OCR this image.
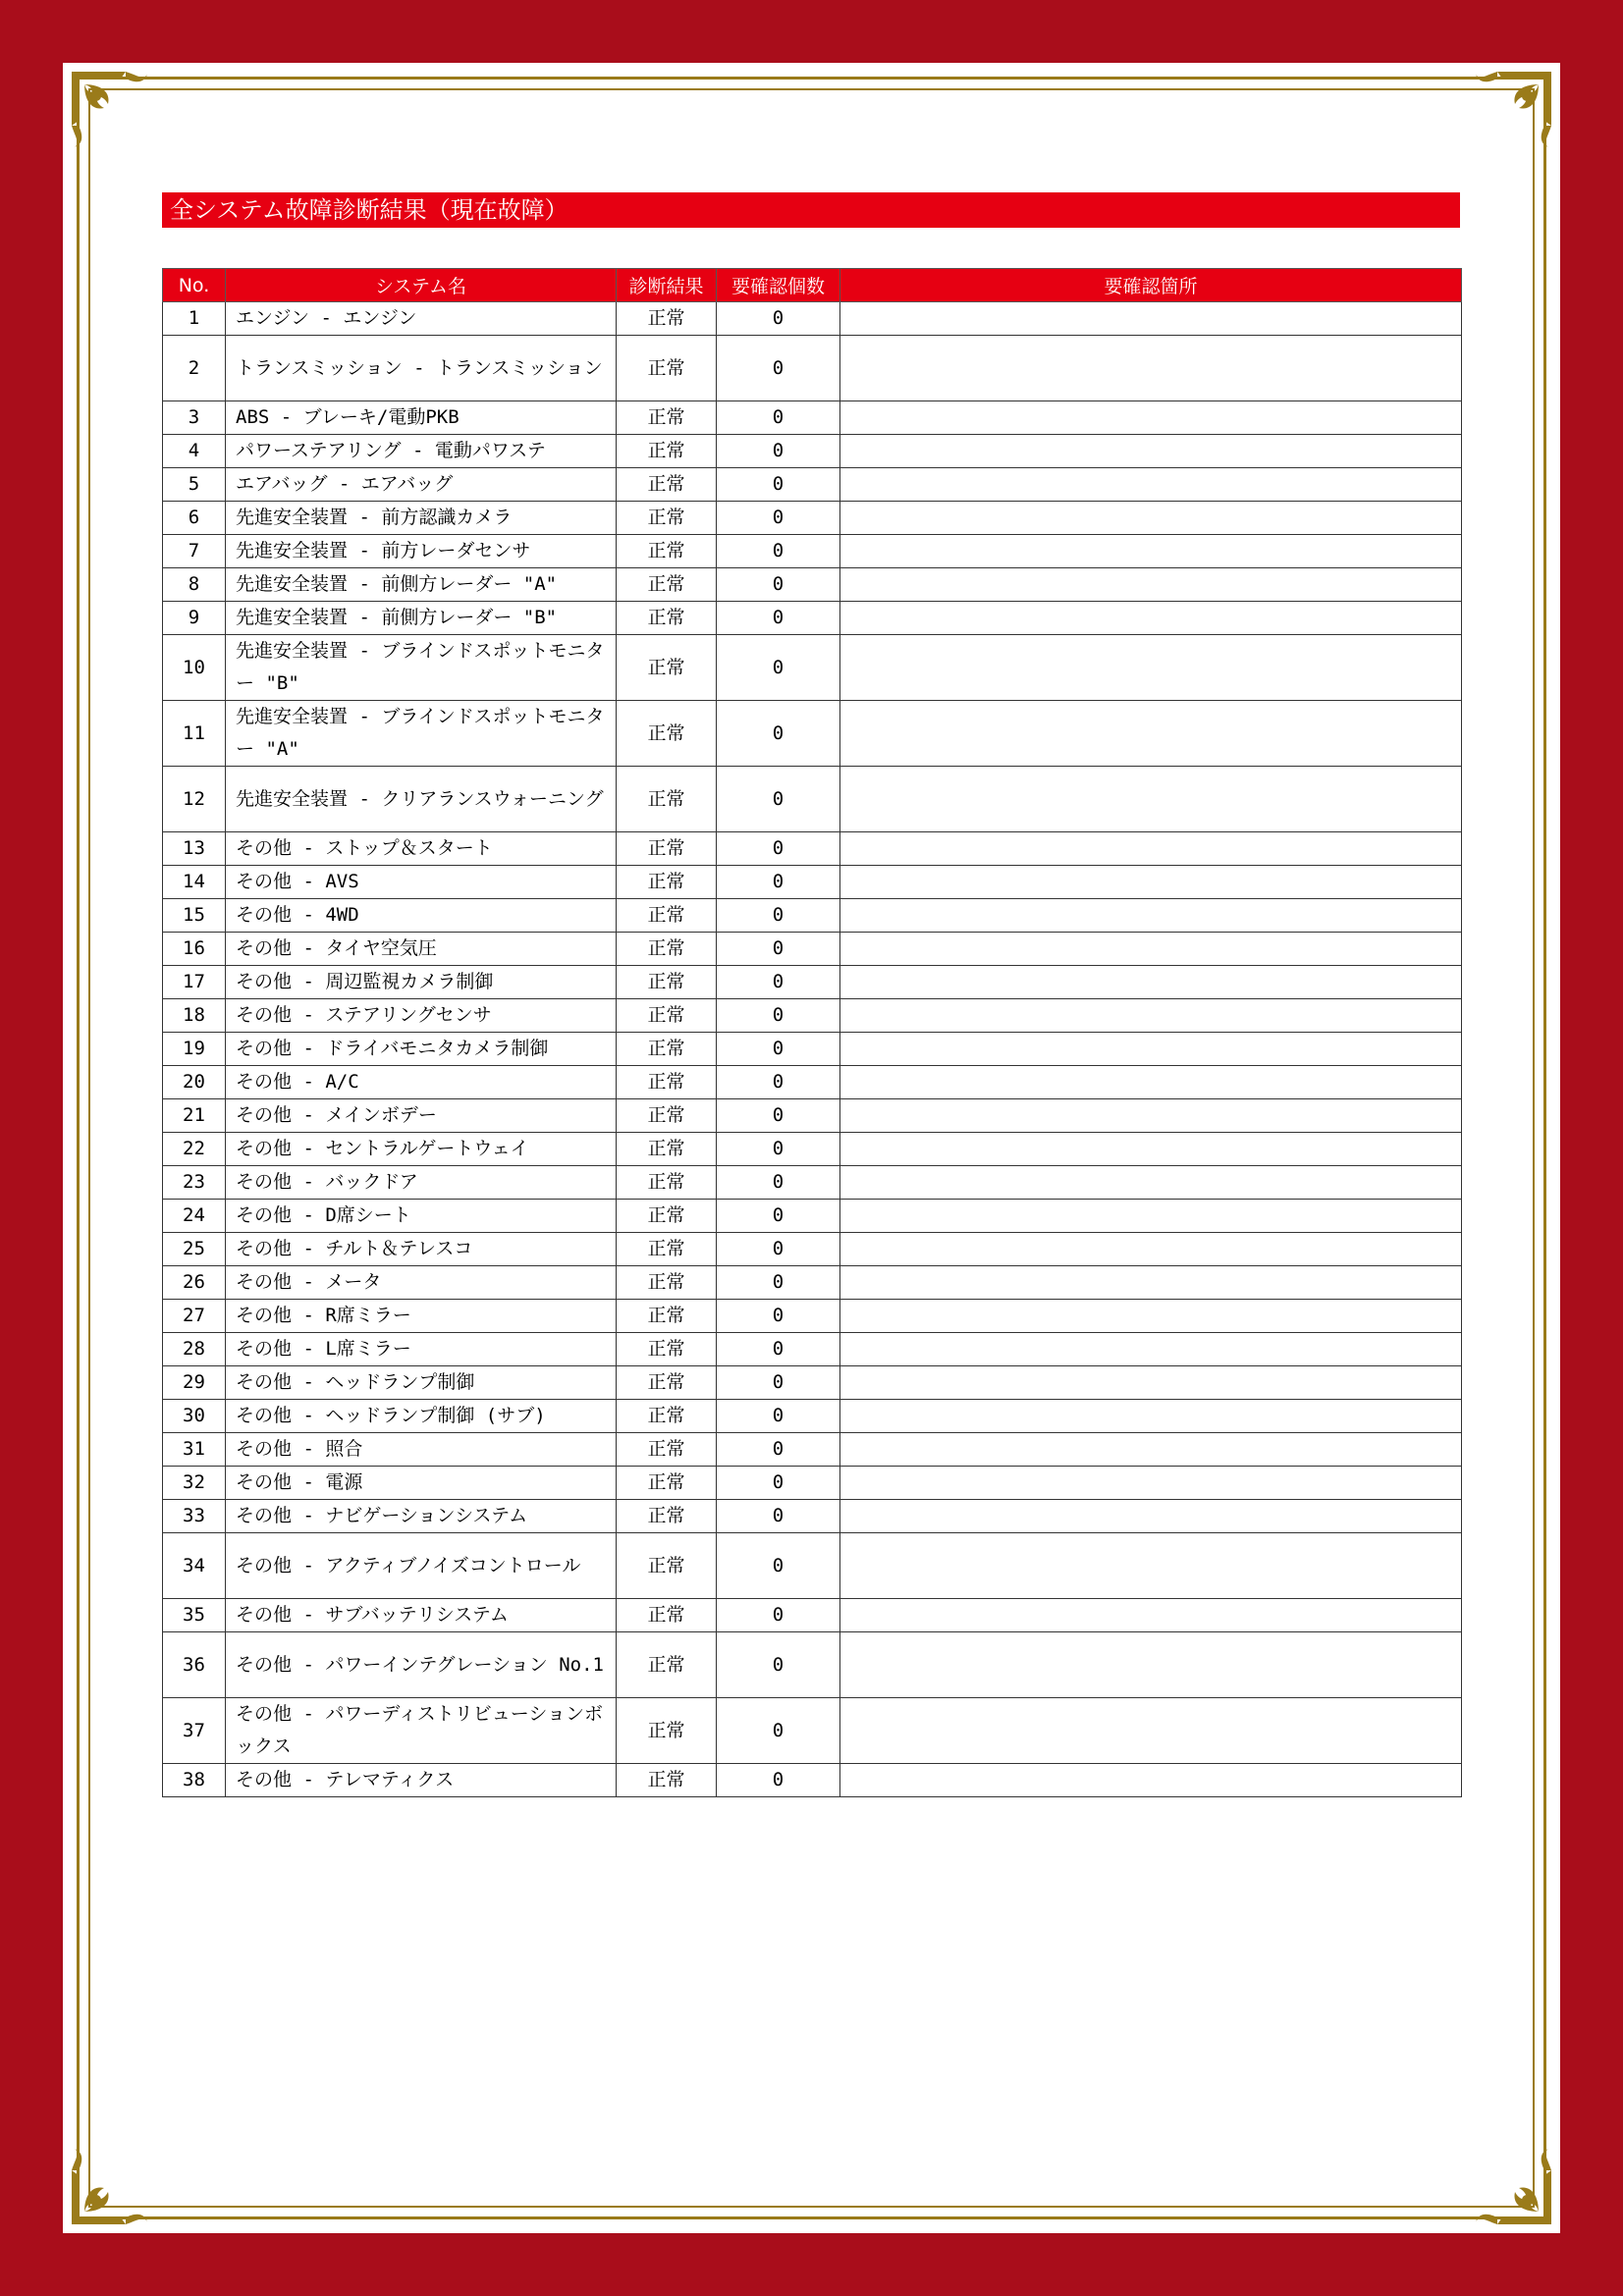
全システム故障診断結果（現在故障）
No.	システム名	診断結果	要確認個数	要確認箇所
1	エンジン - エンジン	正常	0	
2	トランスミッション - トランスミッション	正常	0	
3	ABS - ブレーキ/電動PKB	正常	0	
4	パワーステアリング - 電動パワステ	正常	0	
5	エアバッグ - エアバッグ	正常	0	
6	先進安全装置 - 前方認識カメラ	正常	0	
7	先進安全装置 - 前方レーダセンサ	正常	0	
8	先進安全装置 - 前側方レーダー "A"	正常	0	
9	先進安全装置 - 前側方レーダー "B"	正常	0	
10	先進安全装置 - ブラインドスポットモニター "B"	正常	0	
11	先進安全装置 - ブラインドスポットモニター "A"	正常	0	
12	先進安全装置 - クリアランスウォーニング	正常	0	
13	その他 - ストップ＆スタート	正常	0	
14	その他 - AVS	正常	0	
15	その他 - 4WD	正常	0	
16	その他 - タイヤ空気圧	正常	0	
17	その他 - 周辺監視カメラ制御	正常	0	
18	その他 - ステアリングセンサ	正常	0	
19	その他 - ドライバモニタカメラ制御	正常	0	
20	その他 - A/C	正常	0	
21	その他 - メインボデー	正常	0	
22	その他 - セントラルゲートウェイ	正常	0	
23	その他 - バックドア	正常	0	
24	その他 - D席シート	正常	0	
25	その他 - チルト＆テレスコ	正常	0	
26	その他 - メータ	正常	0	
27	その他 - R席ミラー	正常	0	
28	その他 - L席ミラー	正常	0	
29	その他 - ヘッドランプ制御	正常	0	
30	その他 - ヘッドランプ制御 (サブ)	正常	0	
31	その他 - 照合	正常	0	
32	その他 - 電源	正常	0	
33	その他 - ナビゲーションシステム	正常	0	
34	その他 - アクティブノイズコントロール	正常	0	
35	その他 - サブバッテリシステム	正常	0	
36	その他 - パワーインテグレーション No.1	正常	0	
37	その他 - パワーディストリビューションボックス	正常	0	
38	その他 - テレマティクス	正常	0	
